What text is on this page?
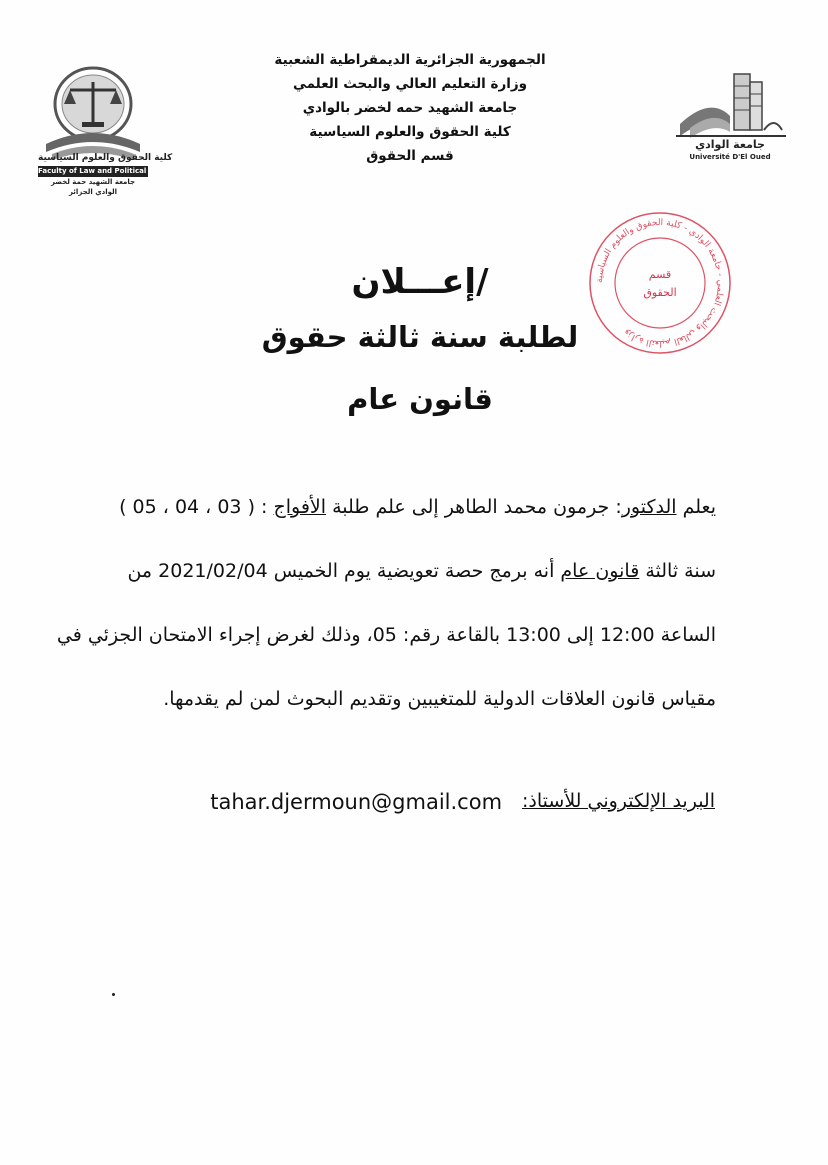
كلية الحقوق والعلوم السياسية
Faculty of Law and Political Science
جامعة الشهيد حمة لخضر
الوادي الجزائر
الجمهورية الجزائرية الديمقراطية الشعبية
وزارة التعليم العالي والبحث العلمي
جامعة الشهيد حمه لخضر بالوادي
كلية الحقوق والعلوم السياسية
قسم الحقوق
جامعة الوادي
Université D'El Oued
وزارة التعليم العالي والبحث العلمي - جامعة الوادي - كلية الحقوق والعلوم السياسية
قسم
الحقوق
/إعـــلان
لطلبة سنة ثالثة حقوق
قانون عام
يعلم الدكتور: جرمون محمد الطاهر إلى علم طلبة الأفواج : ( 03 ، 04 ، 05 )
سنة ثالثة قانون عام أنه برمج حصة تعويضية يوم الخميس 2021/02/04 من
الساعة 12:00 إلى 13:00 بالقاعة رقم: 05، وذلك لغرض إجراء الامتحان الجزئي في
مقياس قانون العلاقات الدولية للمتغيبين وتقديم البحوث لمن لم يقدمها.
البريد الإلكتروني للأستاذ:
tahar.djermoun@gmail.com
